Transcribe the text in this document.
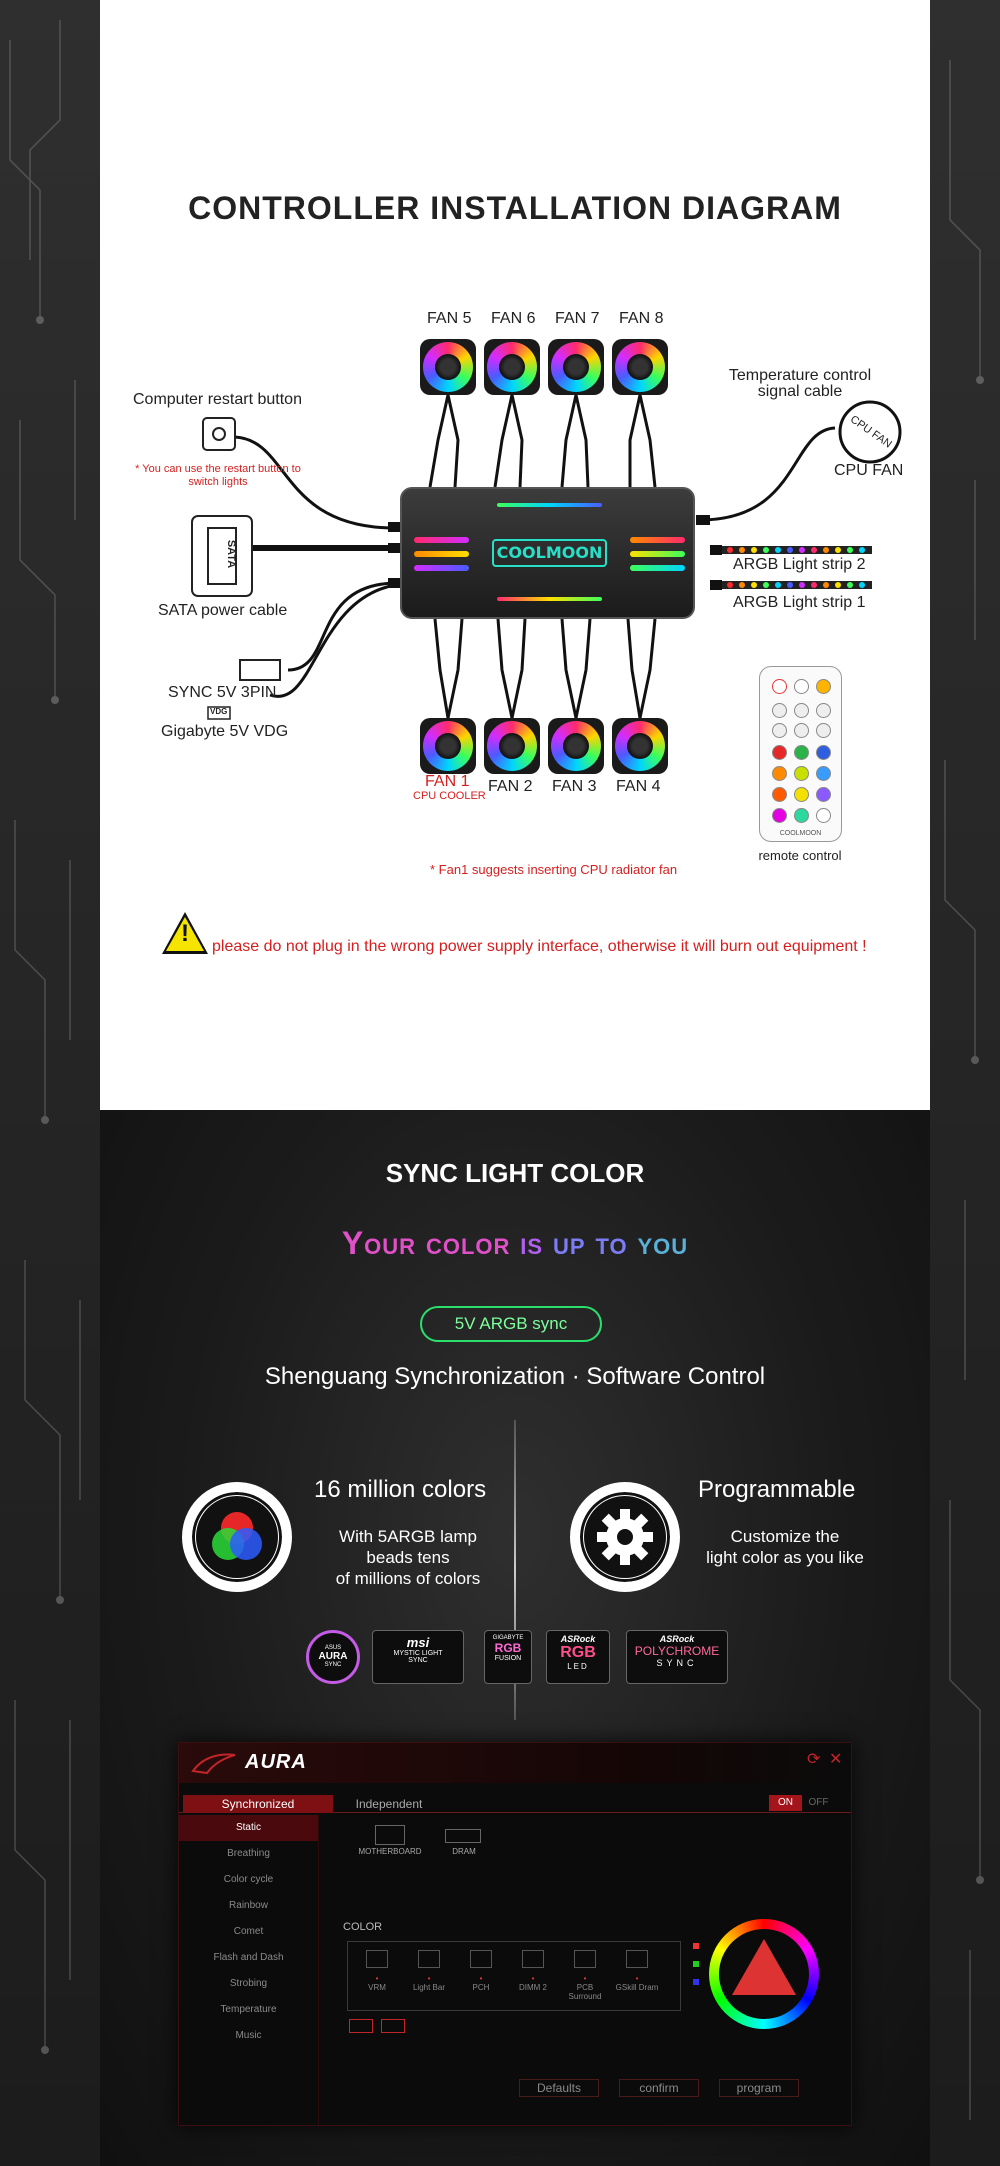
CONTROLLER INSTALLATION DIAGRAM
FAN 5 FAN 6 FAN 7 FAN 8
FAN 1
CPU COOLER
FAN 2 FAN 3 FAN 4
COOLMOON
Computer restart button
* You can use the restart button to switch lights
SATA
SATA power cable
SYNC 5V 3PIN
VDG
Gigabyte 5V VDG
Temperature control signal cable
CPU FAN
CPU FAN
ARGB Light strip 2
ARGB Light strip 1
COOLMOON
remote control
* Fan1 suggests inserting CPU radiator fan
! please do not plug in the wrong power supply interface, otherwise it will burn out equipment !
SYNC LIGHT COLOR
Your color is up to you
5V ARGB sync
Shenguang Synchronization · Software Control
16 million colors
With 5ARGB lamp
beads tens
of millions of colors
Programmable
Customize the
light color as you like
ASUS
AURA
SYNC
msi
MYSTIC LIGHT
SYNC
GIGABYTE
RGB
FUSION
ASRock
RGB
LED
ASRock
POLYCHROME
SYNC
AURA	⟳ ✕
Synchronized	Independent	ON OFF
Static
Breathing
Color cycle
Rainbow
Comet
Flash and Dash
Strobing
Temperature
Music
MOTHERBOARD	DRAM
COLOR
•
VRM
•
Light Bar
•
PCH
•
DIMM 2
•
PCB Surround
•
GSkill Dram
Defaults	confirm	program
